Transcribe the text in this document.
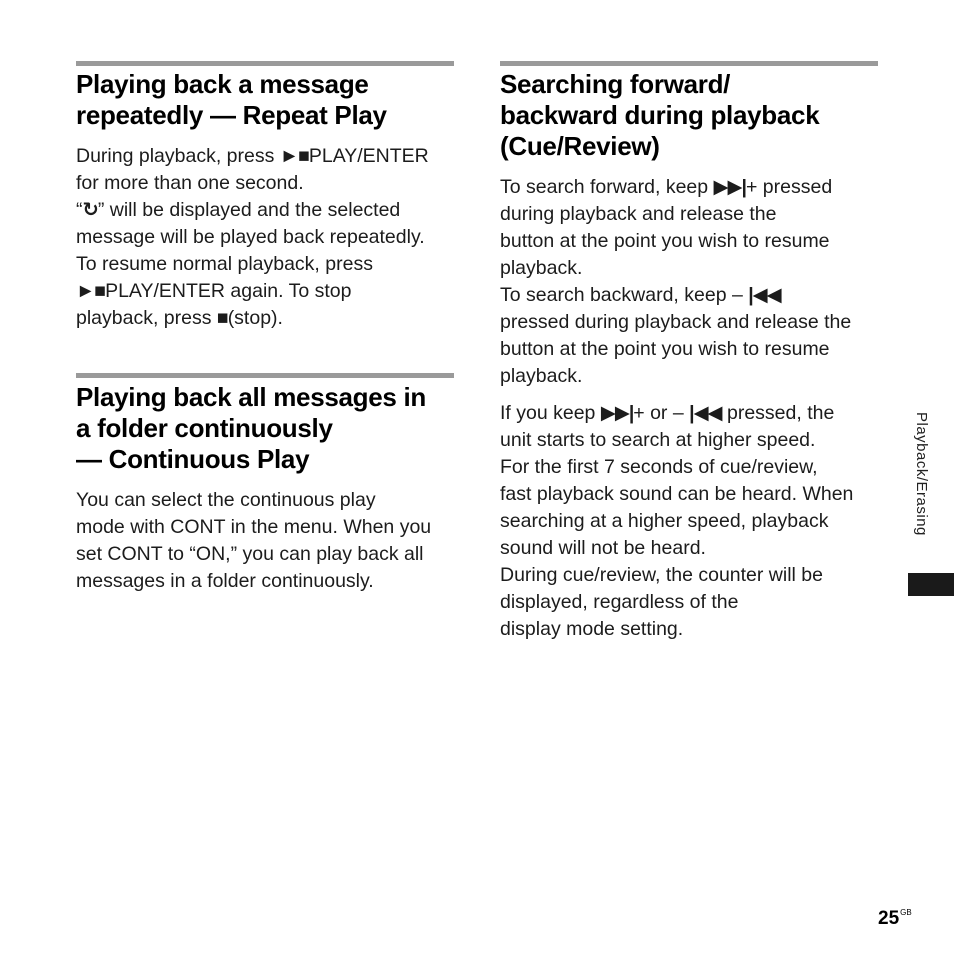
Playing back a message
repeatedly — Repeat Play

During playback, press ►■PLAY/ENTER
for more than one second.
“↻” will be displayed and the selected
message will be played back repeatedly.
To resume normal playback, press
►■PLAY/ENTER again. To stop
playback, press ■(stop).

Playing back all messages in
a folder continuously
— Continuous Play

You can select the continuous play
mode with CONT in the menu. When you
set CONT to “ON,” you can play back all
messages in a folder continuously.

Searching forward/
backward during playback
(Cue/Review)

To search forward, keep ▶▶|+ pressed
during playback and release the
button at the point you wish to resume
playback.
To search backward, keep – |◀◀
pressed during playback and release the
button at the point you wish to resume
playback.

If you keep ▶▶|+ or – |◀◀ pressed, the
unit starts to search at higher speed.
For the first 7 seconds of cue/review,
fast playback sound can be heard. When
searching at a higher speed, playback
sound will not be heard.
During cue/review, the counter will be
displayed, regardless of the
display mode setting.

Playback/Erasing
$25^{GB}$
